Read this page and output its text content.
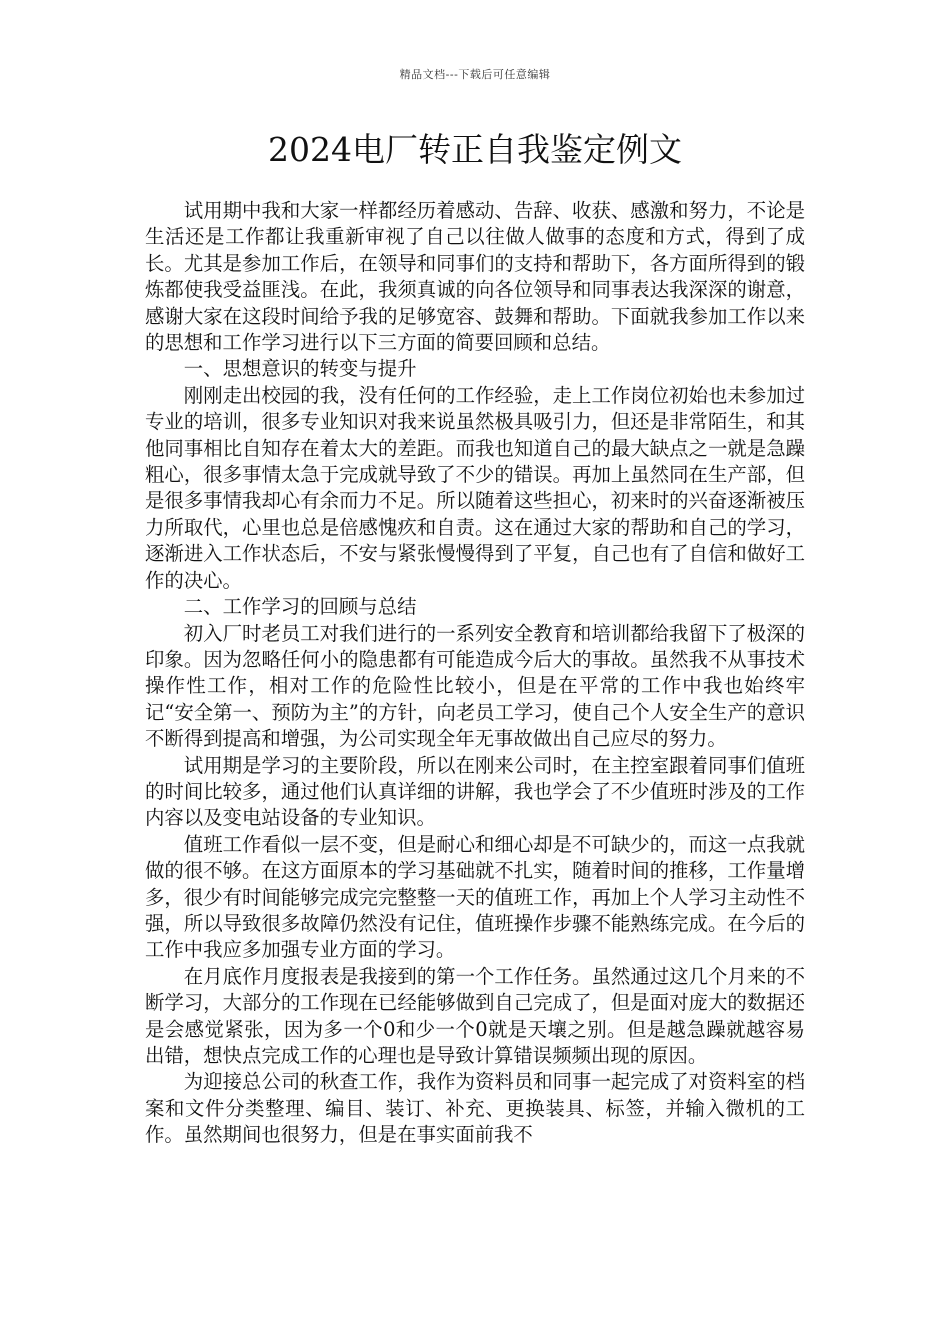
精品文档---下载后可任意编辑
2024电厂转正自我鉴定例文

试用期中我和大家一样都经历着感动、告辞、收获、感激和努力，不论是生活还是工作都让我重新审视了自己以往做人做事的态度和方式，得到了成长。尤其是参加工作后，在领导和同事们的支持和帮助下，各方面所得到的锻炼都使我受益匪浅。在此，我须真诚的向各位领导和同事表达我深深的谢意，感谢大家在这段时间给予我的足够宽容、鼓舞和帮助。下面就我参加工作以来的思想和工作学习进行以下三方面的简要回顾和总结。

一、思想意识的转变与提升

刚刚走出校园的我，没有任何的工作经验，走上工作岗位初始也未参加过专业的培训，很多专业知识对我来说虽然极具吸引力，但还是非常陌生，和其他同事相比自知存在着太大的差距。而我也知道自己的最大缺点之一就是急躁粗心，很多事情太急于完成就导致了不少的错误。再加上虽然同在生产部，但是很多事情我却心有余而力不足。所以随着这些担心，初来时的兴奋逐渐被压力所取代，心里也总是倍感愧疚和自责。这在通过大家的帮助和自己的学习，逐渐进入工作状态后，不安与紧张慢慢得到了平复，自己也有了自信和做好工作的决心。

二、工作学习的回顾与总结

初入厂时老员工对我们进行的一系列安全教育和培训都给我留下了极深的印象。因为忽略任何小的隐患都有可能造成今后大的事故。虽然我不从事技术操作性工作，相对工作的危险性比较小，但是在平常的工作中我也始终牢记“安全第一、预防为主”的方针，向老员工学习，使自己个人安全生产的意识不断得到提高和增强，为公司实现全年无事故做出自己应尽的努力。

试用期是学习的主要阶段，所以在刚来公司时，在主控室跟着同事们值班的时间比较多，通过他们认真详细的讲解，我也学会了不少值班时涉及的工作内容以及变电站设备的专业知识。

值班工作看似一层不变，但是耐心和细心却是不可缺少的，而这一点我就做的很不够。在这方面原本的学习基础就不扎实，随着时间的推移，工作量增多，很少有时间能够完成完完整整一天的值班工作，再加上个人学习主动性不强，所以导致很多故障仍然没有记住，值班操作步骤不能熟练完成。在今后的工作中我应多加强专业方面的学习。

在月底作月度报表是我接到的第一个工作任务。虽然通过这几个月来的不断学习，大部分的工作现在已经能够做到自己完成了，但是面对庞大的数据还是会感觉紧张，因为多一个0和少一个0就是天壤之别。但是越急躁就越容易出错，想快点完成工作的心理也是导致计算错误频频出现的原因。

为迎接总公司的秋查工作，我作为资料员和同事一起完成了对资料室的档案和文件分类整理、编目、装订、补充、更换装具、标签，并输入微机的工作。虽然期间也很努力，但是在事实面前我不
